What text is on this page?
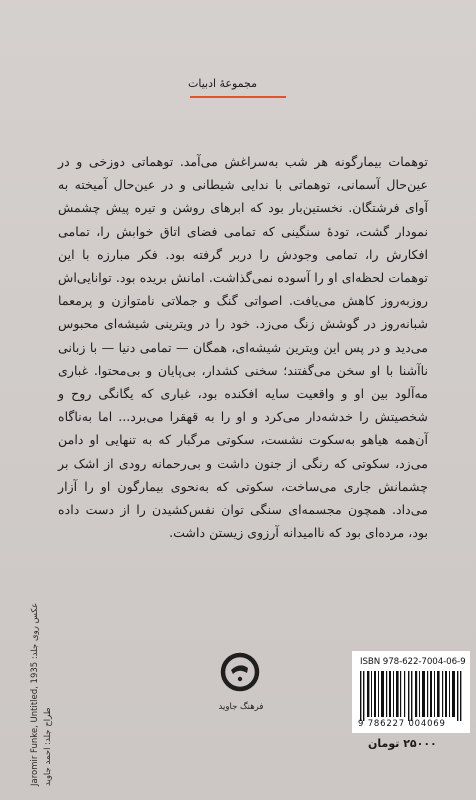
مجموعهٔ ادبیات

توهمات بیمارگونه هر شب به‌سراغش می‌آمد. توهماتی دوزخی و در عین‌حال آسمانی، توهماتی با ندایی شیطانی و در عین‌حال آمیخته به آوای فرشتگان. نخستین‌بار بود که ابرهای روشن و تیره پیش چشمش نمودار گشت، تودهٔ سنگینی که تمامی فضای اتاق خوابش را، تمامی افکارش را، تمامی وجودش را دربر گرفته بود. فکر مبارزه با این توهمات لحظه‌ای او را آسوده نمی‌گذاشت. امانش بریده بود. توانایی‌اش روزبه‌روز کاهش می‌یافت. اصواتی گنگ و جملاتی نامتوازن و پرمعما شبانه‌روز در گوشش زنگ می‌زد. خود را در ویترینی شیشه‌ای محبوس می‌دید و در پس این ویترین شیشه‌ای، همگان — تمامی دنیا — با زبانی ناآشنا با او سخن می‌گفتند؛ سخنی کشدار، بی‌پایان و بی‌محتوا. غباری مه‌آلود بین او و واقعیت سایه افکنده بود، غباری که یگانگی روح و شخصیتش را خدشه‌دار می‌کرد و او را به قهقرا می‌برد... اما به‌ناگاه آن‌همه هیاهو به‌سکوت نشست، سکوتی مرگبار که به تنهایی او دامن می‌زد، سکوتی که رنگی از جنون داشت و بی‌رحمانه رودی از اشک بر چشمانش جاری می‌ساخت، سکوتی که به‌نحوی بیمارگون او را آزار می‌داد. همچون مجسمه‌ای سنگی توان نفس‌کشیدن را از دست داده بود، مرده‌ای بود که ناامیدانه آرزوی زیستن داشت.

Jaromir Funke, Untitled, 1935 :عکس روی جلد
طراح جلد: احمد جاوید
فرهنگ جاوید
ISBN 978-622-7004-06-9
9 786227 004069
۲۵۰۰۰ تومان
